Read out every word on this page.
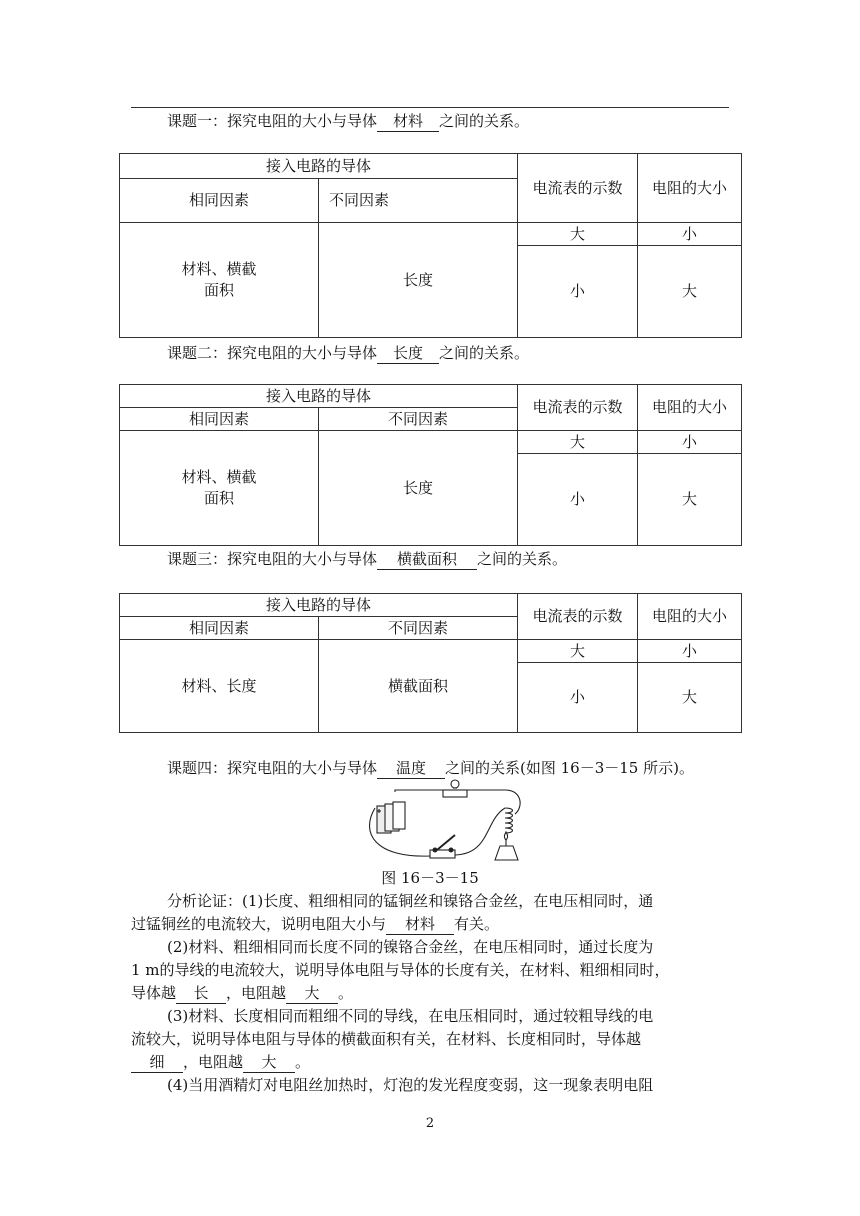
课题一：探究电阻的大小与导体 材料 之间的关系。
接入电路的导体		电流表的示数	电阻的大小
相同因素	不同因素		

材料、横截
面积	长度	大	小
		小	大
课题二：探究电阻的大小与导体 长度 之间的关系。
接入电路的导体		电流表的示数	电阻的大小
相同因素	不同因素		

材料、横截
面积	长度	大	小
		小	大
课题三：探究电阻的大小与导体 横截面积 之间的关系。
接入电路的导体		电流表的示数	电阻的大小
相同因素	不同因素		
材料、长度	横截面积	大	小
		小	大
课题四：探究电阻的大小与导体 温度 之间的关系(如图 16－3－15 所示)。
图 16－3－15
分析论证：(1)长度、粗细相同的锰铜丝和镍铬合金丝，在电压相同时，通
过锰铜丝的电流较大，说明电阻大小与 材料 有关。
(2)材料、粗细相同而长度不同的镍铬合金丝，在电压相同时，通过长度为
1 m的导线的电流较大，说明导体电阻与导体的长度有关，在材料、粗细相同时，
导体越 长 ，电阻越 大 。
(3)材料、长度相同而粗细不同的导线，在电压相同时，通过较粗导线的电
流较大，说明导体电阻与导体的横截面积有关，在材料、长度相同时，导体越
细 ，电阻越 大 。
(4)当用酒精灯对电阻丝加热时，灯泡的发光程度变弱，这一现象表明电阻
2
